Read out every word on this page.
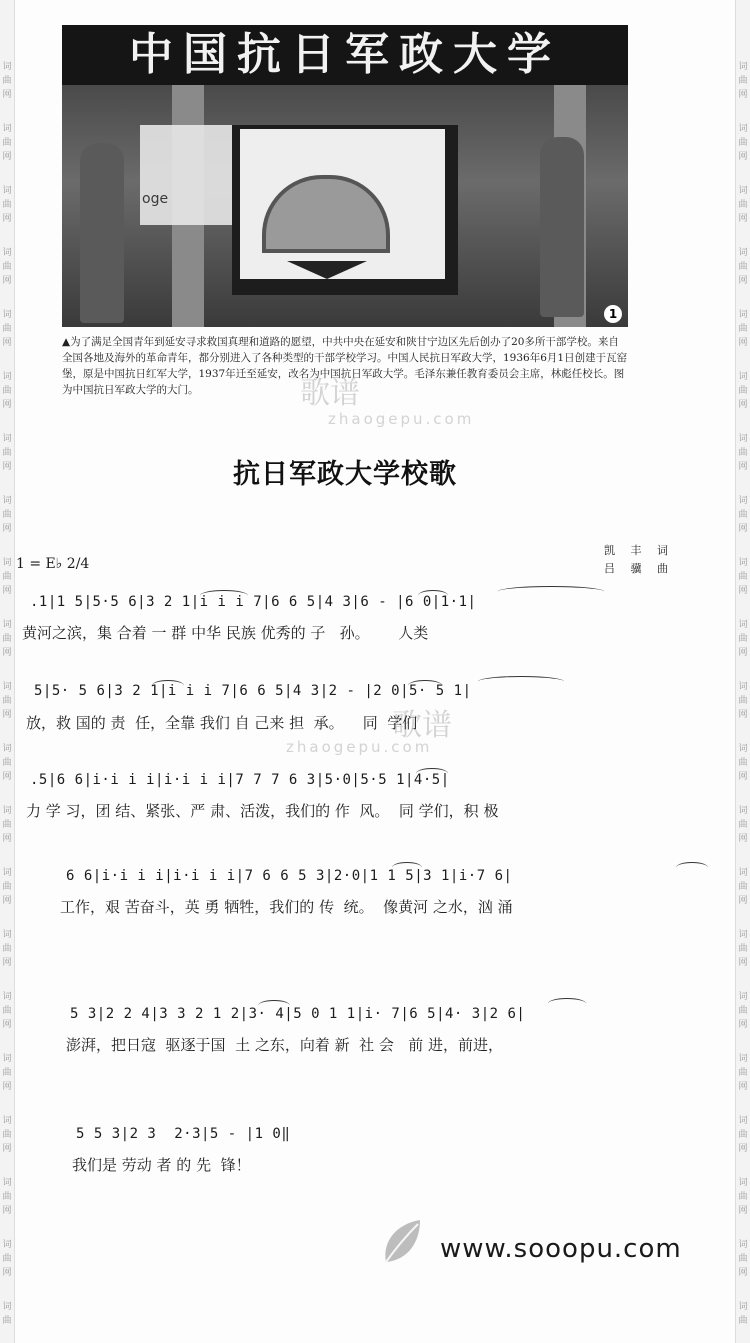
词
曲
网
词
曲
网
词
曲
网
词
曲
网
词
曲
网
词
曲
网
词
曲
网
词
曲
网
词
曲
网
词
曲
网
词
曲
网
词
曲
网
词
曲
网
词
曲
网
词
曲
网
词
曲
网
词
曲
网
词
曲
网
词
曲
网
词
曲
网
词
曲
词
曲
网
词
曲
网
词
曲
网
词
曲
网
词
曲
网
词
曲
网
词
曲
网
词
曲
网
词
曲
网
词
曲
网
词
曲
网
词
曲
网
词
曲
网
词
曲
网
词
曲
网
词
曲
网
词
曲
网
词
曲
网
词
曲
网
词
曲
网
词
曲
oge
中国抗日军政大学
1
▲为了满足全国青年到延安寻求救国真理和道路的愿望，中共中央在延安和陕甘宁边区先后创办了20多所干部学校。来自全国各地及海外的革命青年，都分别进入了各种类型的干部学校学习。中国人民抗日军政大学，1936年6月1日创建于瓦窑堡，原是中国抗日红军大学，1937年迁至延安，改名为中国抗日军政大学。毛泽东兼任教育委员会主席，林彪任校长。图为中国抗日军政大学的大门。	歌谱
zhaogepu.com
歌谱
zhaogepu.com
抗日军政大学校歌
1 = E♭ 2/4
凯 丰 词
吕 骥 曲
.1|1 5|5·5 6|3 2 1|i i i 7|6 6 5|4 3|6 - |6 0|1·1|
黄河之滨，集 合着 一 群 中华 民族 优秀的 子   孙。      人类
5|5· 5 6|3 2 1|i i i 7|6 6 5|4 3|2 - |2 0|5· 5 1|
放，救 国的 责  任，全靠 我们 自 己来 担  承。    同  学们
.5|6 6|i·i i i|i·i i i|7 7 7 6 3|5·0|5·5 1|4·5|
力 学 习，团 结、紧张、严 肃、活泼，我们的 作  风。  同 学们，积 极
6 6|i·i i i|i·i i i|7 6 6 5 3|2·0|1 1 5|3 1|i·7 6|
工作，艰 苦奋斗，英 勇 牺牲，我们的 传  统。  像黄河 之水，汹 涌
5 3|2 2 4|3 3 2 1 2|3· 4|5 0 1 1|i· 7|6 5|4· 3|2 6|
澎湃，把日寇  驱逐于国  土 之东，向着 新  社 会   前 进，前进，
5 5 3|2 3  2·3|5 - |1 0‖
我们是 劳动 者 的 先  锋！
www.sooopu.com
